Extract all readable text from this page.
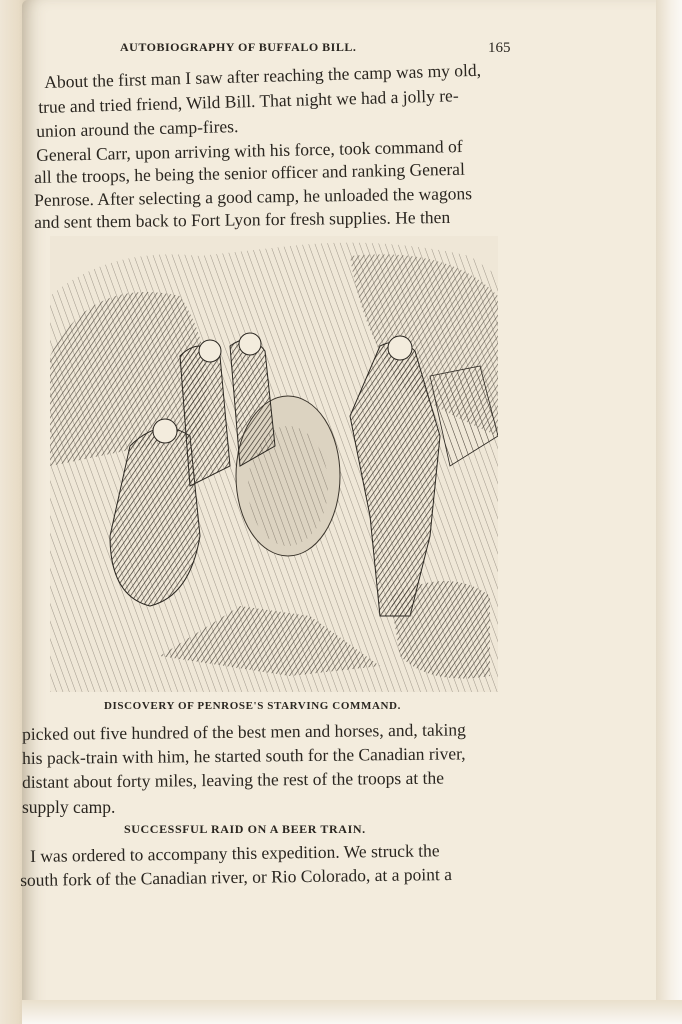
AUTOBIOGRAPHY OF BUFFALO BILL.	165
About the first man I saw after reaching the camp was my old,
true and tried friend, Wild Bill. That night we had a jolly re-
union around the camp-fires.
General Carr, upon arriving with his force, took command of
all the troops, he being the senior officer and ranking General
Penrose. After selecting a good camp, he unloaded the wagons
and sent them back to Fort Lyon for fresh supplies. He then
DISCOVERY OF PENROSE'S STARVING COMMAND.
picked out five hundred of the best men and horses, and, taking
his pack-train with him, he started south for the Canadian river,
distant about forty miles, leaving the rest of the troops at the
supply camp.
SUCCESSFUL RAID ON A BEER TRAIN.
I was ordered to accompany this expedition. We struck the
south fork of the Canadian river, or Rio Colorado, at a point a
